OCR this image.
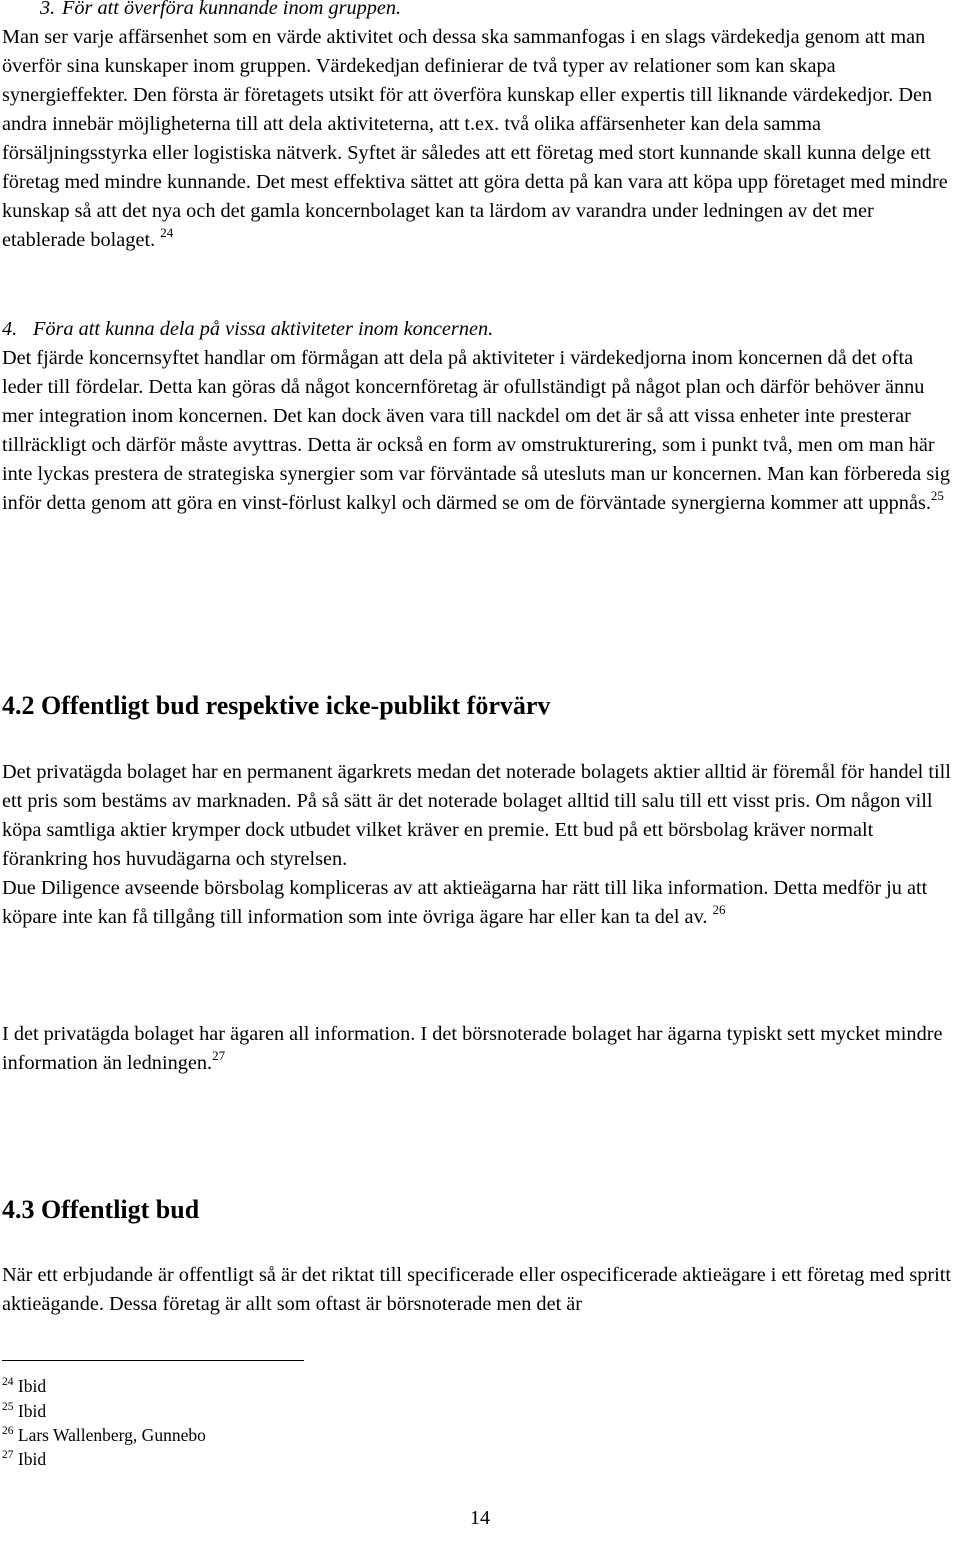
3. För att överföra kunnande inom gruppen.
Man ser varje affärsenhet som en värde aktivitet och dessa ska sammanfogas i en slags värdekedja genom att man överför sina kunskaper inom gruppen. Värdekedjan definierar de två typer av relationer som kan skapa synergieffekter. Den första är företagets utsikt för att överföra kunskap eller expertis till liknande värdekedjor. Den andra innebär möjligheterna till att dela aktiviteterna, att t.ex. två olika affärsenheter kan dela samma försäljningsstyrka eller logistiska nätverk. Syftet är således att ett företag med stort kunnande skall kunna delge ett företag med mindre kunnande. Det mest effektiva sättet att göra detta på kan vara att köpa upp företaget med mindre kunskap så att det nya och det gamla koncernbolaget kan ta lärdom av varandra under ledningen av det mer etablerade bolaget. $^{24}$

4. Föra att kunna dela på vissa aktiviteter inom koncernen.
Det fjärde koncernsyftet handlar om förmågan att dela på aktiviteter i värdekedjorna inom koncernen då det ofta leder till fördelar. Detta kan göras då något koncernföretag är ofullständigt på något plan och därför behöver ännu mer integration inom koncernen. Det kan dock även vara till nackdel om det är så att vissa enheter inte presterar tillräckligt och därför måste avyttras. Detta är också en form av omstrukturering, som i punkt två, men om man här inte lyckas prestera de strategiska synergier som var förväntade så utesluts man ur koncernen. Man kan förbereda sig inför detta genom att göra en vinst-förlust kalkyl och därmed se om de förväntade synergierna kommer att uppnås.$^{25}$

4.2 Offentligt bud respektive icke-publikt förvärv

Det privatägda bolaget har en permanent ägarkrets medan det noterade bolagets aktier alltid är föremål för handel till ett pris som bestäms av marknaden. På så sätt är det noterade bolaget alltid till salu till ett visst pris. Om någon vill köpa samtliga aktier krymper dock utbudet vilket kräver en premie. Ett bud på ett börsbolag kräver normalt förankring hos huvudägarna och styrelsen.
Due Diligence avseende börsbolag kompliceras av att aktieägarna har rätt till lika information. Detta medför ju att köpare inte kan få tillgång till information som inte övriga ägare har eller kan ta del av. $^{26}$

I det privatägda bolaget har ägaren all information. I det börsnoterade bolaget har ägarna typiskt sett mycket mindre information än ledningen.$^{27}$

4.3 Offentligt bud

När ett erbjudande är offentligt så är det riktat till specificerade eller ospecificerade aktieägare i ett företag med spritt aktieägande. Dessa företag är allt som oftast är börsnoterade men det är

$^{24}$ Ibid

$^{25}$ Ibid

$^{26}$ Lars Wallenberg, Gunnebo

$^{27}$ Ibid

14
